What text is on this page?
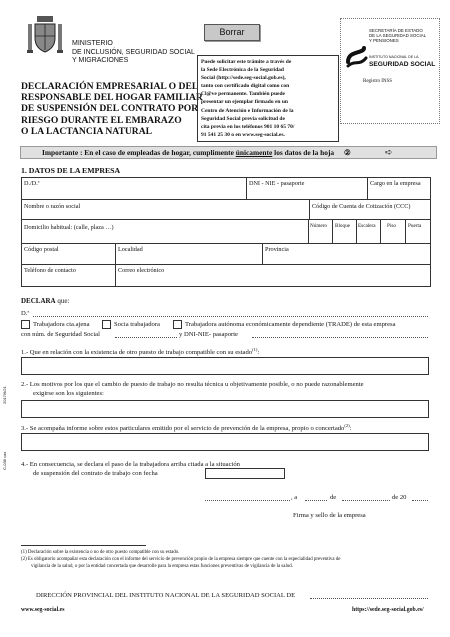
MINISTERIO
DE INCLUSIÓN, SEGURIDAD SOCIAL
Y MIGRACIONES
Borrar	SECRETARÍA DE ESTADO
DE LA SEGURIDAD SOCIAL
Y PENSIONES
INSTITUTO NACIONAL DE LA
SEGURIDAD SOCIAL
Registro INSS
DECLARACIÓN EMPRESARIAL O DEL
RESPONSABLE DEL HOGAR FAMILIAR
DE SUSPENSIÓN DEL CONTRATO POR
RIESGO DURANTE EL EMBARAZO
O LA LACTANCIA NATURAL
Puede solicitar este trámite a través de
la Sede Electrónica de la Seguridad
Social (http://sede.seg-social.gob.es),
tanto con certificado digital como con
Cl@ve permanente. También puede
presentar un ejemplar firmado en un
Centro de Atención e Información de la
Seguridad Social previa solicitud de
cita previa en los teléfonos 901 10 65 70/
91 541 25 30 o en www.seg-social.es.
Importante : En el caso de empleadas de hogar, cumplimente únicamente los datos de la hoja ②	➪
1. DATOS DE LA EMPRESA
D./D.ª	DNI - NIE - pasaporte	Cargo en la empresa
Nombre o razón social	Código de Cuenta de Cotización (CCC)
Domicilio habitual: (calle, plaza …)	Número Bloque Escalera Piso Puerta
Código postal	Localidad	Provincia
Teléfono de contacto	Correo electrónico
DECLARA que:
D.ª
Trabajadora cta.ajena	Socia trabajadora	Trabajadora autónoma económicamente dependiente (TRADE) de esta empresa
con núm. de Seguridad Social	y DNI-NIE- pasaporte
1.- Que en relación con la existencia de otro puesto de trabajo compatible con su estado$^{(1)}$:
2.- Los motivos por los que el cambio de puesto de trabajo no resulta técnica u objetivamente posible, o no puede razonablemente
exigirse son los siguientes:
3.- Se acompaña informe sobre estos particulares emitido por el servicio de prevención de la empresa, propio o concertado$^{(2)}$:
4.- En consecuencia, se declara el paso de la trabajadora arriba citada a la situación
de suspensión del contrato de trabajo con fecha
, a	de	de 20
Firma y sello de la empresa
2017/6/21
C-038 cas
(1) Declaración sobre la existencia o no de otro puesto compatible con su estado.
(2) Es obligatorio acompañar esta declaración con el informe del servicio de prevención propio de la empresa siempre que cuente con la especialidad preventiva de
vigilancia de la salud, o por la entidad concertada que desarrolle para la empresa estas funciones preventivas de vigilancia de la salud.
DIRECCIÓN PROVINCIAL DEL INSTITUTO NACIONAL DE LA SEGURIDAD SOCIAL DE
www.seg-social.es	https://sede.seg-social.gob.es/
